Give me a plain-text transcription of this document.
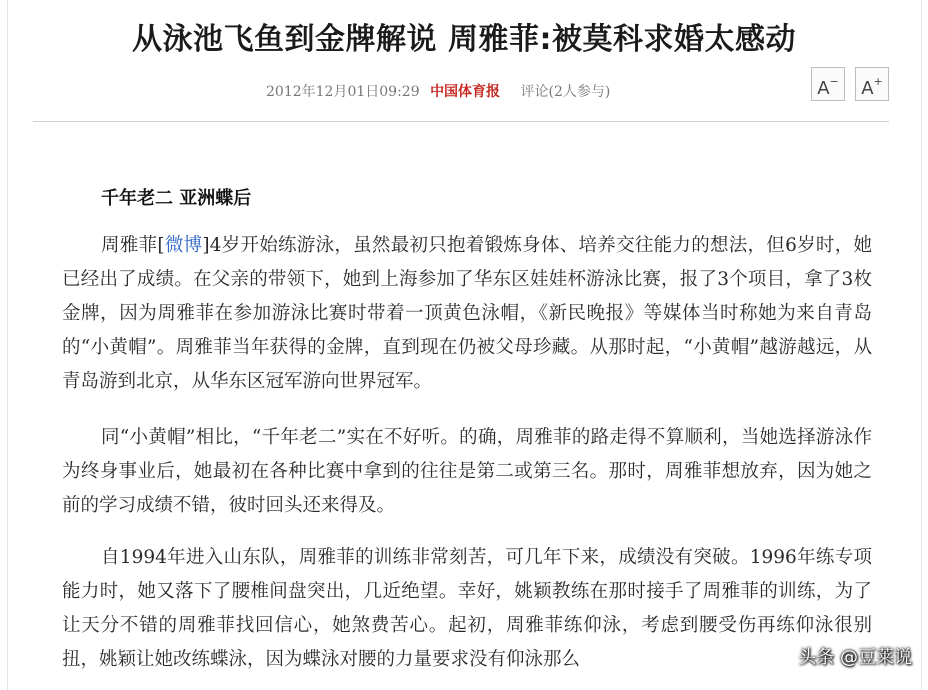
从泳池飞鱼到金牌解说 周雅菲:被莫科求婚太感动
2012年12月01日09:29 中国体育报 评论(2人参与)	A−	A+
千年老二 亚洲蝶后

周雅菲[微博]4岁开始练游泳，虽然最初只抱着锻炼身体、培养交往能力的想法，但6岁时，她已经出了成绩。在父亲的带领下，她到上海参加了华东区娃娃杯游泳比赛，报了3个项目，拿了3枚金牌，因为周雅菲在参加游泳比赛时带着一顶黄色泳帽，《新民晚报》等媒体当时称她为来自青岛的“小黄帽”。周雅菲当年获得的金牌，直到现在仍被父母珍藏。从那时起，“小黄帽”越游越远，从青岛游到北京，从华东区冠军游向世界冠军。

同“小黄帽”相比，“千年老二”实在不好听。的确，周雅菲的路走得不算顺利，当她选择游泳作为终身事业后，她最初在各种比赛中拿到的往往是第二或第三名。那时，周雅菲想放弃，因为她之前的学习成绩不错，彼时回头还来得及。

自1994年进入山东队，周雅菲的训练非常刻苦，可几年下来，成绩没有突破。1996年练专项能力时，她又落下了腰椎间盘突出，几近绝望。幸好，姚颖教练在那时接手了周雅菲的训练，为了让天分不错的周雅菲找回信心，她煞费苦心。起初，周雅菲练仰泳，考虑到腰受伤再练仰泳很别扭，姚颖让她改练蝶泳，因为蝶泳对腰的力量要求没有仰泳那么	头条 @豆莱说
